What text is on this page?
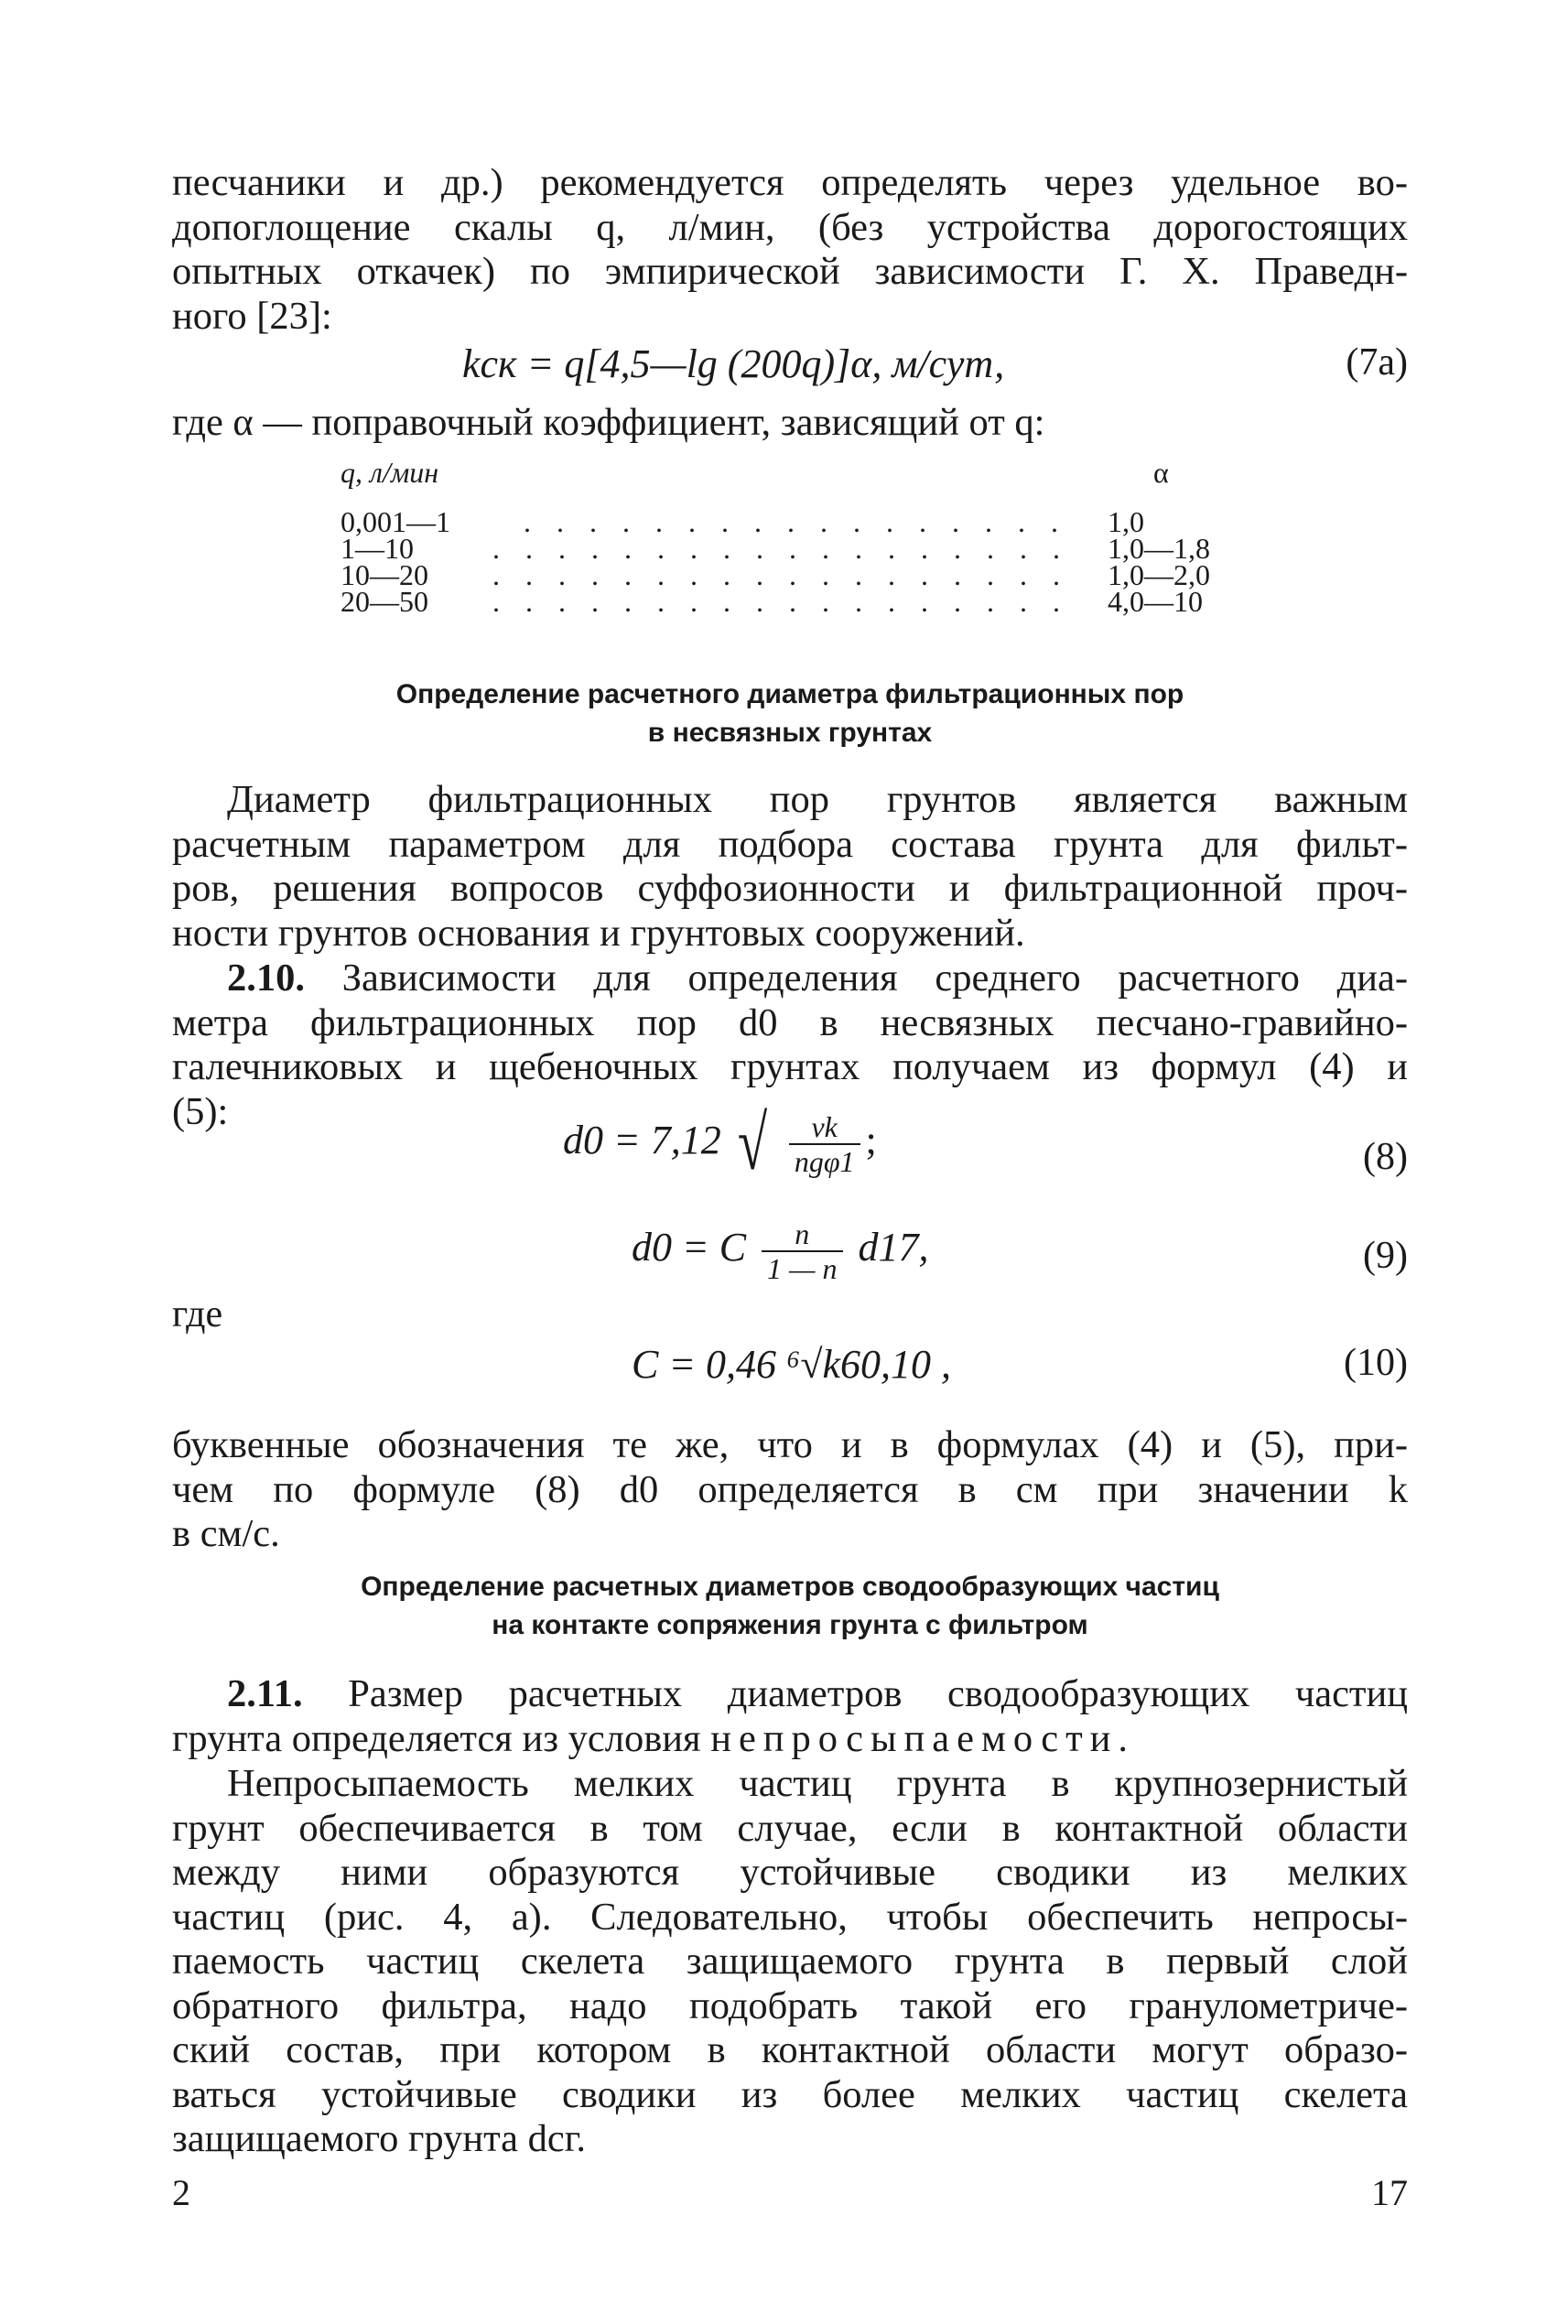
песчаники и др.) рекомендуется определять через удельное во-
допоглощение скалы q, л/мин, (без устройства дорогостоящих
опытных откачек) по эмпирической зависимости Г. Х. Праведн-
ного [23]:
kск = q[4,5—lg (200q)]α, м/сут,	(7a)
где α — поправочный коэффициент, зависящий от q:
q, л/мин	α
0,001—1	. . . . . . . . . . . . . . . . . 1,0
1—10	. . . . . . . . . . . . . . . . . . 1,0—1,8
10—20 . . . . . . . . . . . . . . . . . . 1,0—2,0
20—50 . . . . . . . . . . . . . . . . . . 4,0—10
Определение расчетного диаметра фильтрационных пор
в несвязных грунтах
Диаметр фильтрационных пор грунтов является важным
расчетным параметром для подбора состава грунта для фильт-
ров, решения вопросов суффозионности и фильтрационной проч-
ности грунтов основания и грунтовых сооружений.
2.10. Зависимости для определения среднего расчетного диа-
метра фильтрационных пор d0 в несвязных песчано-гравийно-
галечниковых и щебеночных грунтах получаем из формул (4) и
(5):
d0 = 7,12 √ $\frac{\nu k}{\text{ngφ1}}$ ;	(8)
d0 = C $\frac{n}{1 — n} d17$,	(9)
где
C = 0,46 ⁶√k60,10 ,	(10)
буквенные обозначения те же, что и в формулах (4) и (5), при-
чем по формуле (8) d0 определяется в см при значении k
в см/с.
Определение расчетных диаметров сводообразующих частиц
на контакте сопряжения грунта с фильтром
2.11. Размер расчетных диаметров сводообразующих частиц
грунта определяется из условия непросыпаемости.
Непросыпаемость мелких частиц грунта в крупнозернистый
грунт обеспечивается в том случае, если в контактной области
между ними образуются устойчивые сводики из мелких
частиц (рис. 4, а). Следовательно, чтобы обеспечить непросы-
паемость частиц скелета защищаемого грунта в первый слой
обратного фильтра, надо подобрать такой его гранулометриче-
ский состав, при котором в контактной области могут образо-
ваться устойчивые сводики из более мелких частиц скелета
защищаемого грунта dсг.
2	17
